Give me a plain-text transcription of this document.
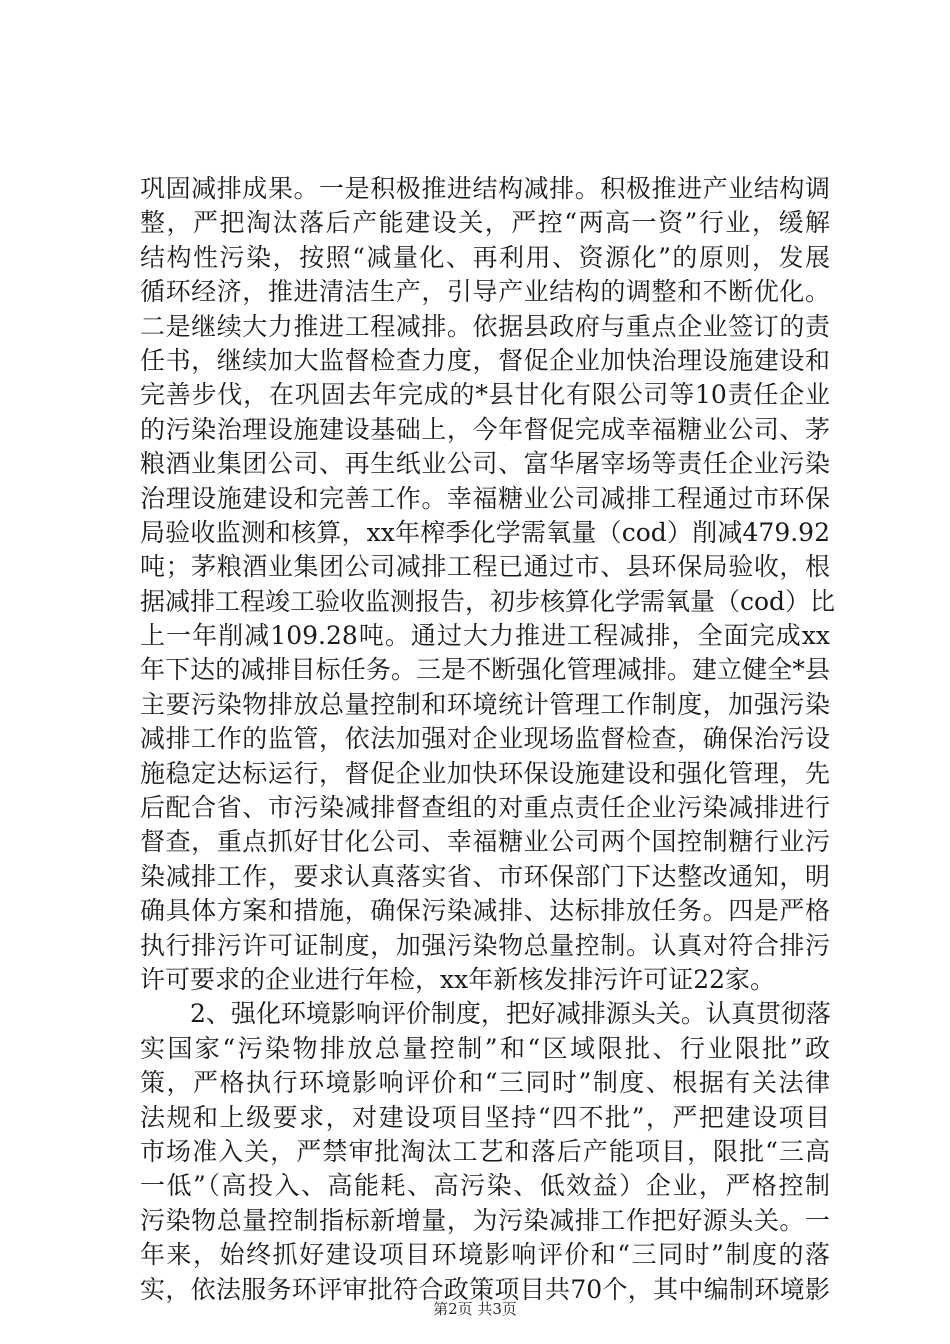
巩固减排成果。一是积极推进结构减排。积极推进产业结构调
整，严把淘汰落后产能建设关，严控“两高一资”行业，缓解
结构性污染，按照“减量化、再利用、资源化”的原则，发展
循环经济，推进清洁生产，引导产业结构的调整和不断优化。
二是继续大力推进工程减排。依据县政府与重点企业签订的责
任书，继续加大监督检查力度，督促企业加快治理设施建设和
完善步伐，在巩固去年完成的*县甘化有限公司等10责任企业
的污染治理设施建设基础上，今年督促完成幸福糖业公司、茅
粮酒业集团公司、再生纸业公司、富华屠宰场等责任企业污染
治理设施建设和完善工作。幸福糖业公司减排工程通过市环保
局验收监测和核算，xx年榨季化学需氧量（cod）削减479.92
吨；茅粮酒业集团公司减排工程已通过市、县环保局验收，根
据减排工程竣工验收监测报告，初步核算化学需氧量（cod）比
上一年削减109.28吨。通过大力推进工程减排，全面完成xx
年下达的减排目标任务。三是不断强化管理减排。建立健全*县
主要污染物排放总量控制和环境统计管理工作制度，加强污染
减排工作的监管，依法加强对企业现场监督检查，确保治污设
施稳定达标运行，督促企业加快环保设施建设和强化管理，先
后配合省、市污染减排督查组的对重点责任企业污染减排进行
督查，重点抓好甘化公司、幸福糖业公司两个国控制糖行业污
染减排工作，要求认真落实省、市环保部门下达整改通知，明
确具体方案和措施，确保污染减排、达标排放任务。四是严格
执行排污许可证制度，加强污染物总量控制。认真对符合排污
许可要求的企业进行年检，xx年新核发排污许可证22家。
2、强化环境影响评价制度，把好减排源头关。认真贯彻落
实国家“污染物排放总量控制”和“区域限批、行业限批”政
策，严格执行环境影响评价和“三同时”制度、根据有关法律
法规和上级要求，对建设项目坚持“四不批”，严把建设项目
市场准入关，严禁审批淘汰工艺和落后产能项目，限批“三高
一低”（高投入、高能耗、高污染、低效益）企业，严格控制
污染物总量控制指标新增量，为污染减排工作把好源头关。一
年来，始终抓好建设项目环境影响评价和“三同时”制度的落
实，依法服务环评审批符合政策项目共70个，其中编制环境影
第2页 共3页
